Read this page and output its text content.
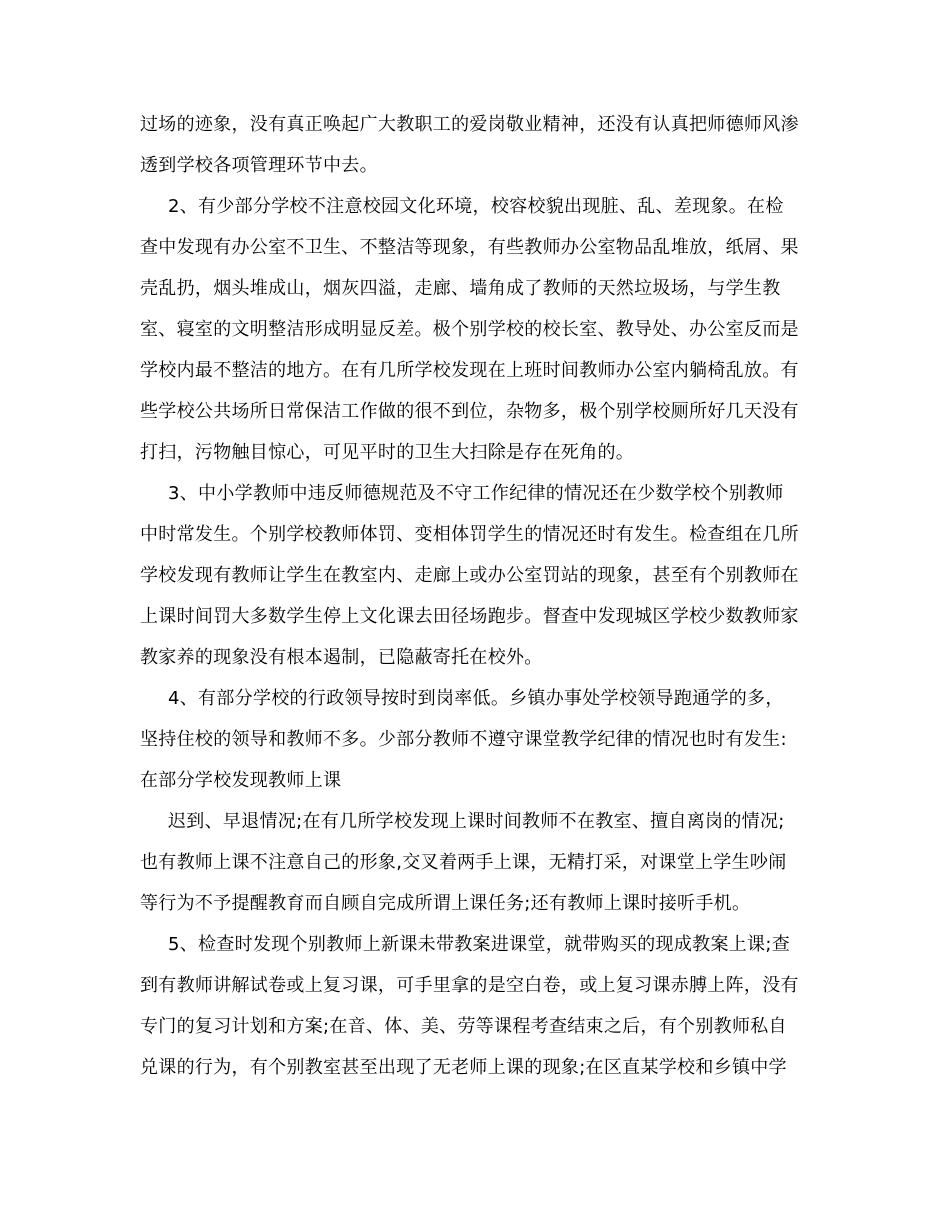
过场的迹象，没有真正唤起广大教职工的爱岗敬业精神，还没有认真把师德师风渗
透到学校各项管理环节中去。
2、有少部分学校不注意校园文化环境，校容校貌出现脏、乱、差现象。在检
查中发现有办公室不卫生、不整洁等现象，有些教师办公室物品乱堆放，纸屑、果
壳乱扔，烟头堆成山，烟灰四溢，走廊、墙角成了教师的天然垃圾场，与学生教
室、寝室的文明整洁形成明显反差。极个别学校的校长室、教导处、办公室反而是
学校内最不整洁的地方。在有几所学校发现在上班时间教师办公室内躺椅乱放。有
些学校公共场所日常保洁工作做的很不到位，杂物多，极个别学校厕所好几天没有
打扫，污物触目惊心，可见平时的卫生大扫除是存在死角的。
3、中小学教师中违反师德规范及不守工作纪律的情况还在少数学校个别教师
中时常发生。个别学校教师体罚、变相体罚学生的情况还时有发生。检查组在几所
学校发现有教师让学生在教室内、走廊上或办公室罚站的现象，甚至有个别教师在
上课时间罚大多数学生停上文化课去田径场跑步。督查中发现城区学校少数教师家
教家养的现象没有根本遏制，已隐蔽寄托在校外。
4、有部分学校的行政领导按时到岗率低。乡镇办事处学校领导跑通学的多，
坚持住校的领导和教师不多。少部分教师不遵守课堂教学纪律的情况也时有发生:
在部分学校发现教师上课
迟到、早退情况;在有几所学校发现上课时间教师不在教室、擅自离岗的情况;
也有教师上课不注意自己的形象,交叉着两手上课，无精打采，对课堂上学生吵闹
等行为不予提醒教育而自顾自完成所谓上课任务;还有教师上课时接听手机。
5、检查时发现个别教师上新课未带教案进课堂，就带购买的现成教案上课;查
到有教师讲解试卷或上复习课，可手里拿的是空白卷，或上复习课赤膊上阵，没有
专门的复习计划和方案;在音、体、美、劳等课程考查结束之后，有个别教师私自
兑课的行为，有个别教室甚至出现了无老师上课的现象;在区直某学校和乡镇中学
